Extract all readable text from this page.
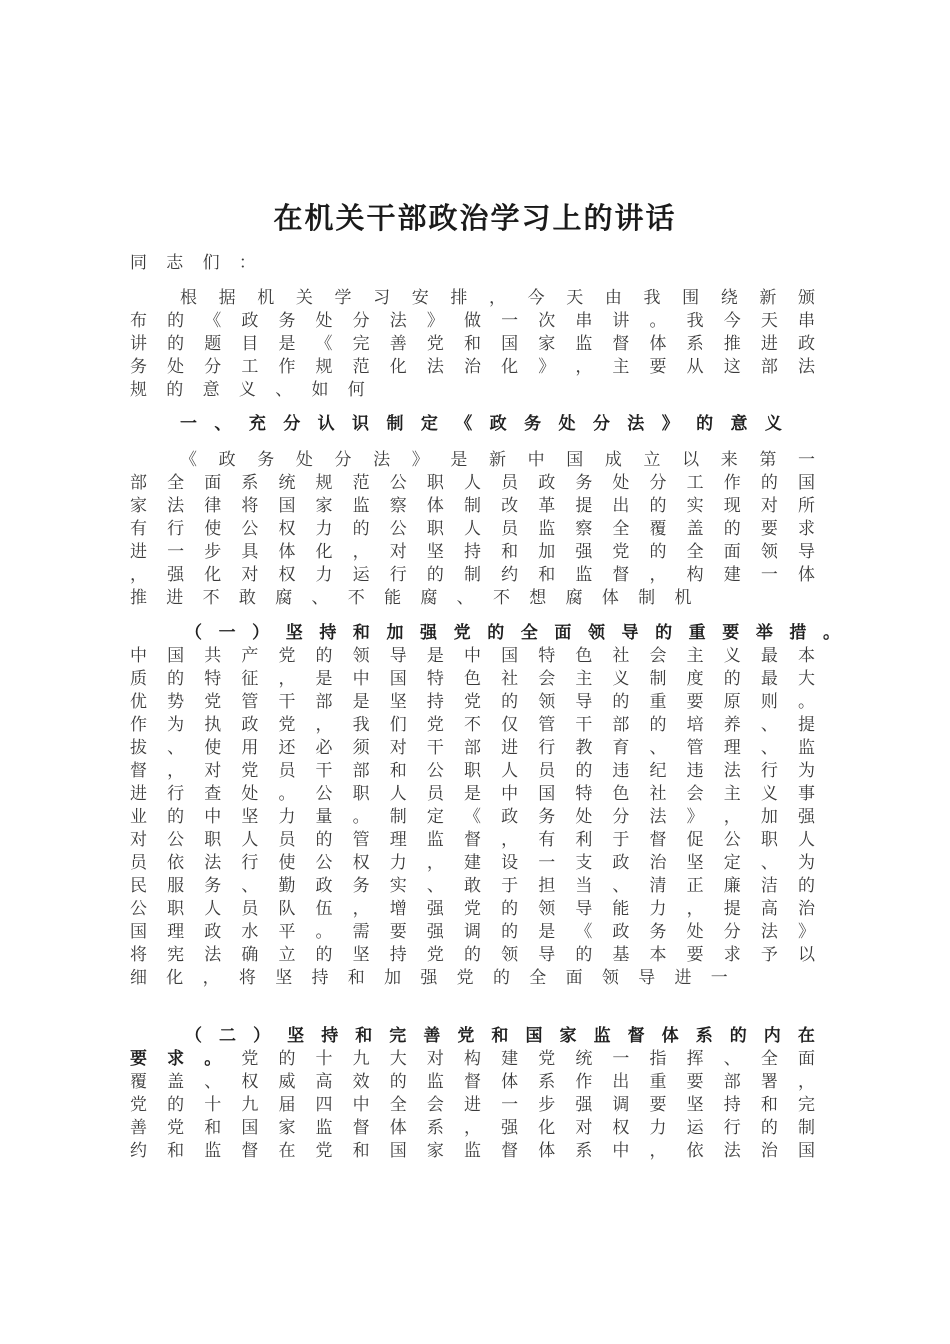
在机关干部政治学习上的讲话
同 志 们 ：
根 据 机 关 学 习 安 排 ， 今 天 由 我 围 绕 新 颁
布 的 《 政 务 处 分 法 》 做 一 次 串 讲 。 我 今 天 串
讲 的 题 目 是 《 完 善 党 和 国 家 监 督 体 系 推 进 政
务 处 分 工 作 规 范 化 法 治 化 》 ， 主 要 从 这 部 法
规 的 意 义 、 如 何
一 、 充 分 认 识 制 定 《 政 务 处 分 法 》 的 意 义
《 政 务 处 分 法 》 是 新 中 国 成 立 以 来 第 一
部 全 面 系 统 规 范 公 职 人 员 政 务 处 分 工 作 的 国
家 法 律 将 国 家 监 察 体 制 改 革 提 出 的 实 现 对 所
有 行 使 公 权 力 的 公 职 人 员 监 察 全 覆 盖 的 要 求
进 一 步 具 体 化 ， 对 坚 持 和 加 强 党 的 全 面 领 导
， 强 化 对 权 力 运 行 的 制 约 和 监 督 ， 构 建 一 体
推 进 不 敢 腐 、 不 能 腐 、 不 想 腐 体 制 机
（ 一 ） 坚 持 和 加 强 党 的 全 面 领 导 的 重 要 举 措 。
中 国 共 产 党 的 领 导 是 中 国 特 色 社 会 主 义 最 本
质 的 特 征 ， 是 中 国 特 色 社 会 主 义 制 度 的 最 大
优 势 党 管 干 部 是 坚 持 党 的 领 导 的 重 要 原 则 。
作 为 执 政 党 ， 我 们 党 不 仅 管 干 部 的 培 养 、 提
拔 、 使 用 还 必 须 对 干 部 进 行 教 育 、 管 理 、 监
督 ， 对 党 员 干 部 和 公 职 人 员 的 违 纪 违 法 行 为
进 行 查 处 。 公 职 人 员 是 中 国 特 色 社 会 主 义 事
业 的 中 坚 力 量 。 制 定 《 政 务 处 分 法 》 ， 加 强
对 公 职 人 员 的 管 理 监 督 ， 有 利 于 督 促 公 职 人
员 依 法 行 使 公 权 力 ， 建 设 一 支 政 治 坚 定 、 为
民 服 务 、 勤 政 务 实 、 敢 于 担 当 、 清 正 廉 洁 的
公 职 人 员 队 伍 ， 增 强 党 的 领 导 能 力 ， 提 高 治
国 理 政 水 平 。 需 要 强 调 的 是 《 政 务 处 分 法 》
将 宪 法 确 立 的 坚 持 党 的 领 导 的 基 本 要 求 予 以
细 化 ， 将 坚 持 和 加 强 党 的 全 面 领 导 进 一
（ 二 ） 坚 持 和 完 善 党 和 国 家 监 督 体 系 的 内 在
要 求 。 党 的 十 九 大 对 构 建 党 统 一 指 挥 、 全 面
覆 盖 、 权 威 高 效 的 监 督 体 系 作 出 重 要 部 署 ，
党 的 十 九 届 四 中 全 会 进 一 步 强 调 要 坚 持 和 完
善 党 和 国 家 监 督 体 系 ， 强 化 对 权 力 运 行 的 制
约 和 监 督 在 党 和 国 家 监 督 体 系 中 ， 依 法 治 国
